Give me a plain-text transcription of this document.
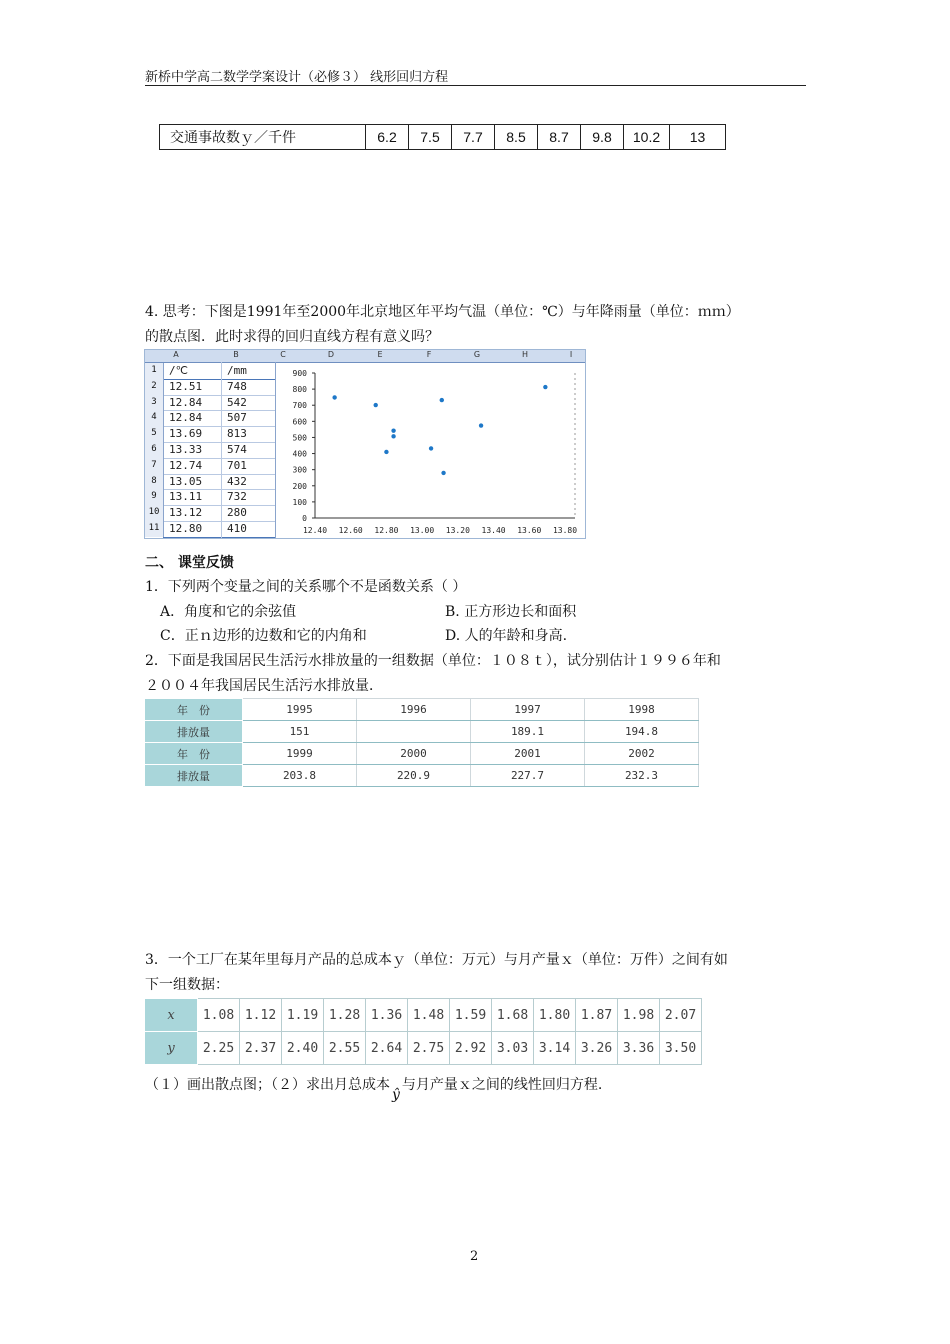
新桥中学高二数学学案设计（必修３） 线形回归方程
交通事故数ｙ／千件	6.2	7.5	7.7	8.5	8.7	9.8	10.2	13
4. 思考：下图是1991年至2000年北京地区年平均气温（单位：℃）与年降雨量（单位：ｍｍ）
的散点图．此时求得的回归直线方程有意义吗？
A	B	C	D	E	F	G	H	I
1	/℃	/mm
2	12.51 748
3	12.84 542
4	12.84 507
5	13.69 813
6	13.33 574
7	12.74 701
8	13.05 432
9	13.11 732
10 13.12 280
11 12.80 410
0
100
200
300
400
500
600
700
800
900
12.40 12.60 12.80 13.00 13.20 13.40 13.60 13.80
二、 课堂反馈
1．下列两个变量之间的关系哪个不是函数关系（ ）
A．角度和它的余弦值	B. 正方形边长和面积
C．正ｎ边形的边数和它的内角和	D. 人的年龄和身高.
2．下面是我国居民生活污水排放量的一组数据（单位：１０８ｔ），试分别估计１９９６年和
２００４年我国居民生活污水排放量．
年　份	1995	1996	1997	1998
排放量	151		189.1	194.8
年　份	1999	2000	2001	2002
排放量	203.8	220.9	227.7	232.3
3．一个工厂在某年里每月产品的总成本ｙ（单位：万元）与月产量ｘ（单位：万件）之间有如
下一组数据：
x	1.08	1.12	1.19	1.28	1.36	1.48	1.59	1.68	1.80	1.87	1.98	2.07
y	2.25	2.37	2.40	2.55	2.64	2.75	2.92	3.03	3.14	3.26	3.36	3.50
（１）画出散点图；（２）求出月总成本ŷ与月产量ｘ之间的线性回归方程.
2
